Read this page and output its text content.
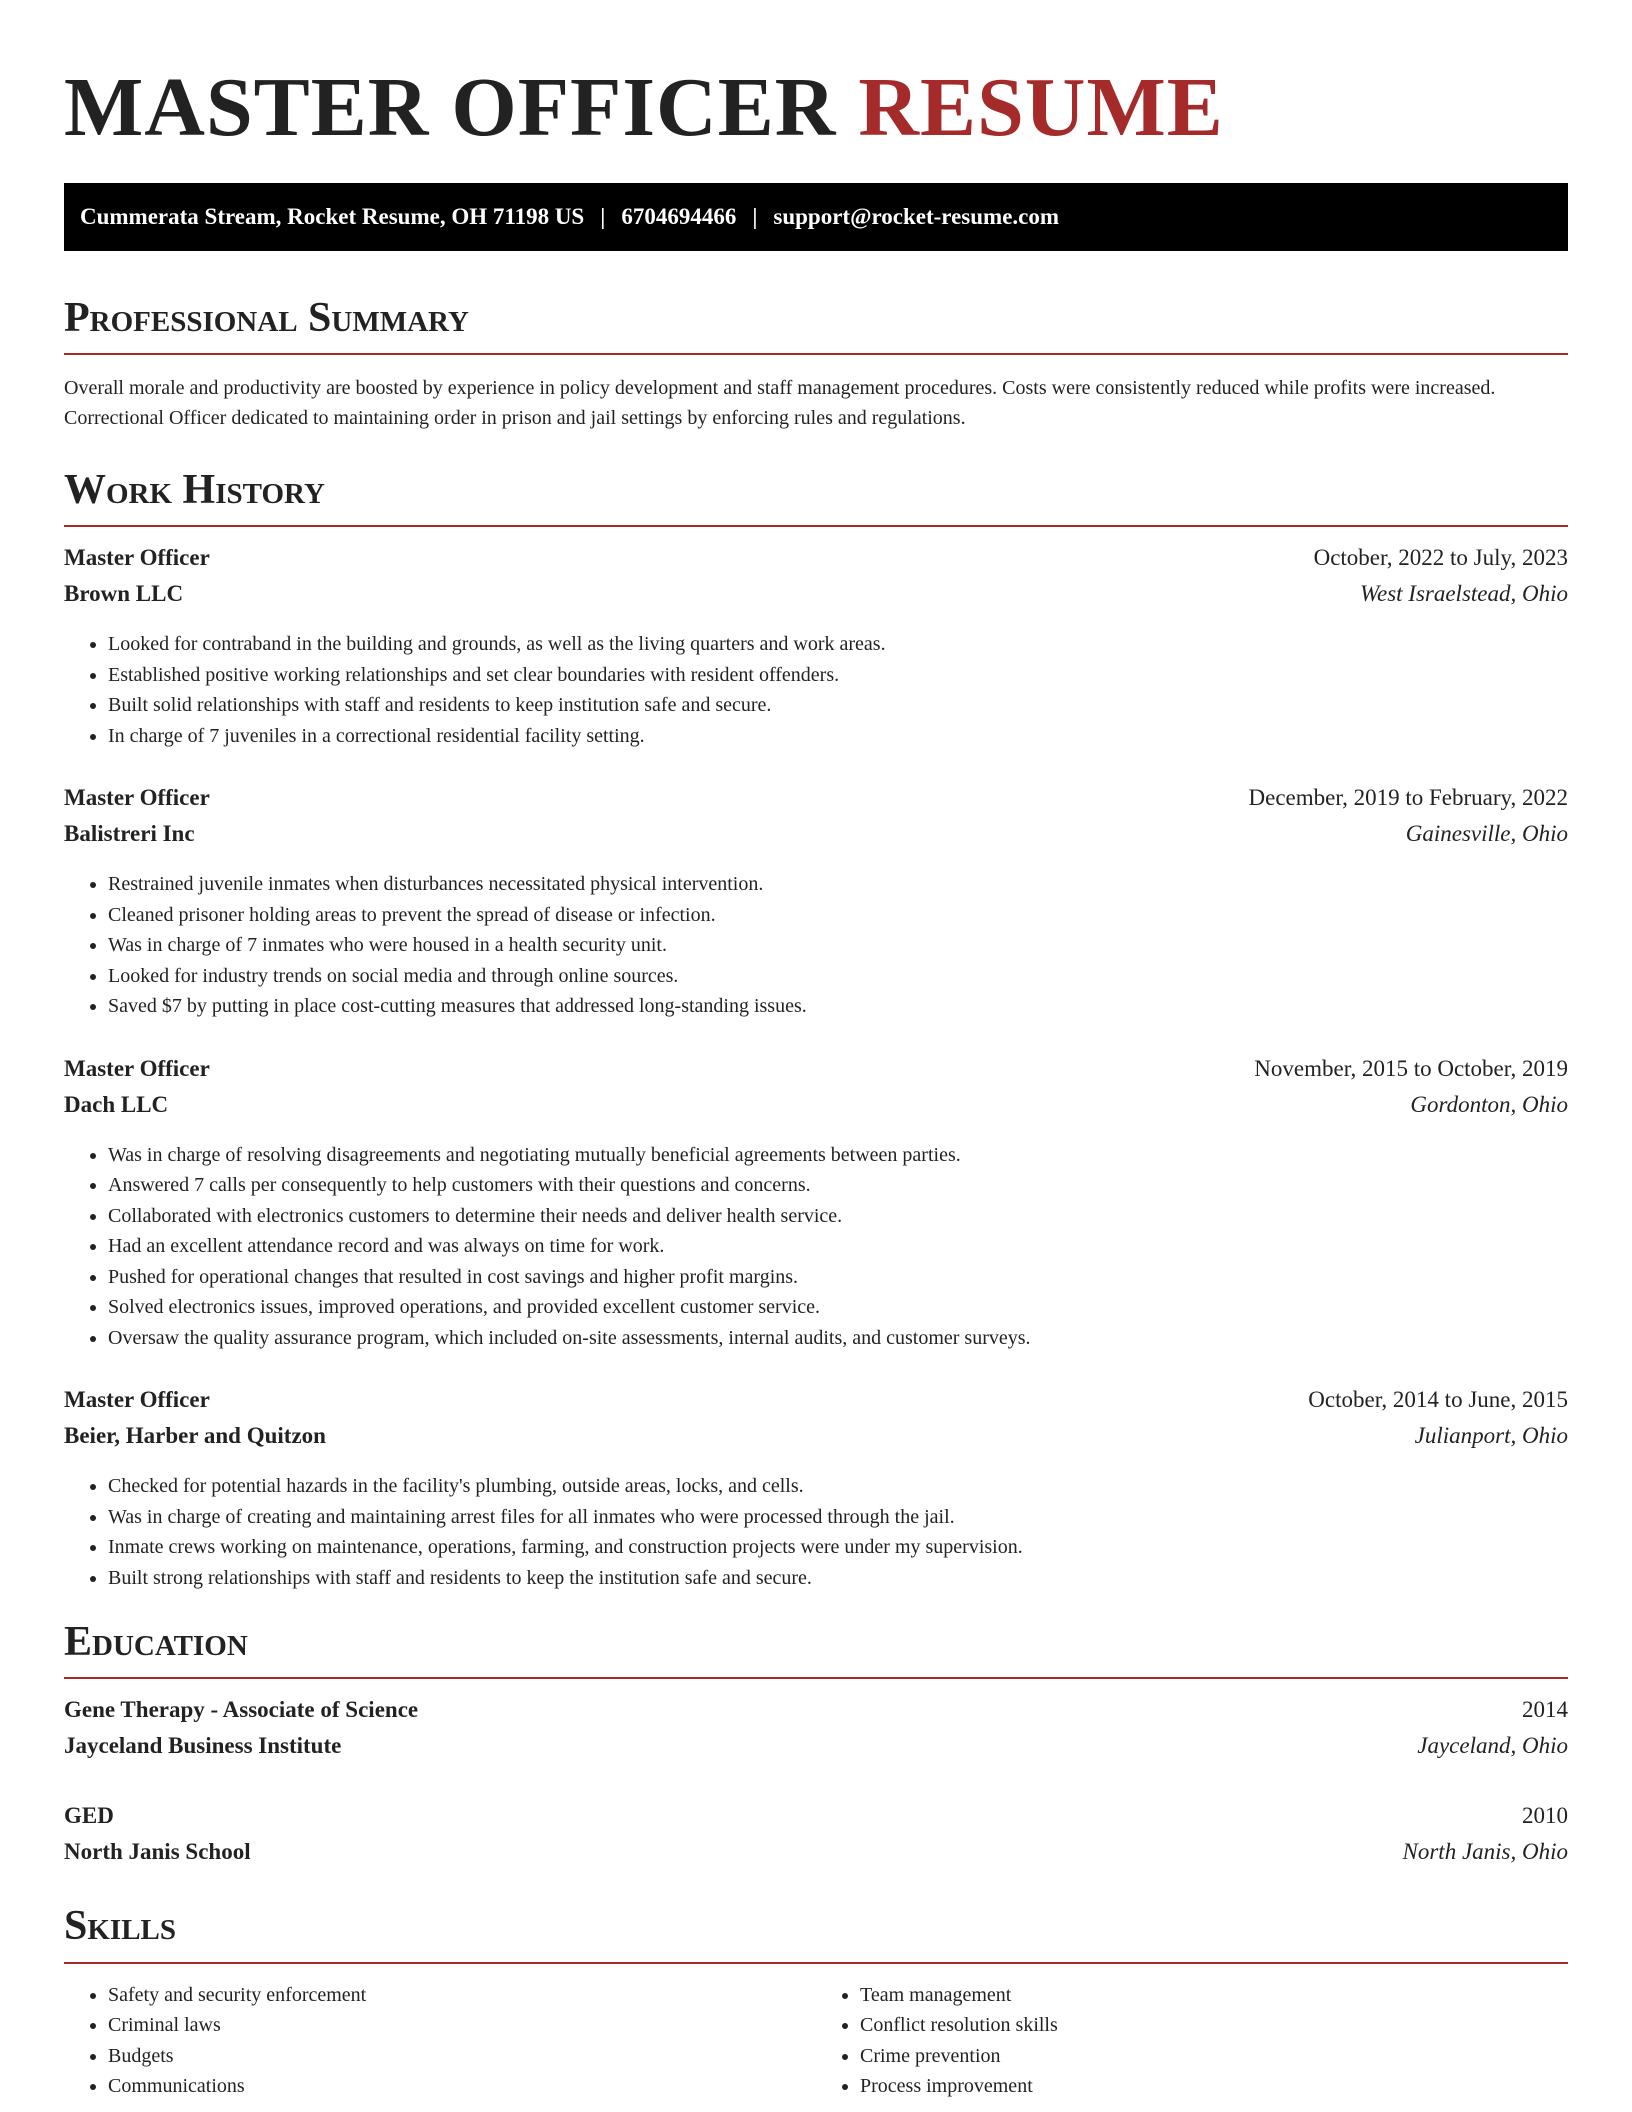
MASTER OFFICER RESUME
Cummerata Stream, Rocket Resume, OH 71198 US | 6704694466 | support@rocket-resume.com
Professional Summary

Overall morale and productivity are boosted by experience in policy development and staff management procedures. Costs were consistently reduced while profits were increased. Correctional Officer dedicated to maintaining order in prison and jail settings by enforcing rules and regulations.

Work History
Master Officer	October, 2022 to July, 2023
Brown LLC	West Israelstead, Ohio
• Looked for contraband in the building and grounds, as well as the living quarters and work areas.
• Established positive working relationships and set clear boundaries with resident offenders.
• Built solid relationships with staff and residents to keep institution safe and secure.
• In charge of 7 juveniles in a correctional residential facility setting.
Master Officer	December, 2019 to February, 2022
Balistreri Inc	Gainesville, Ohio
• Restrained juvenile inmates when disturbances necessitated physical intervention.
• Cleaned prisoner holding areas to prevent the spread of disease or infection.
• Was in charge of 7 inmates who were housed in a health security unit.
• Looked for industry trends on social media and through online sources.
• Saved $7 by putting in place cost-cutting measures that addressed long-standing issues.
Master Officer	November, 2015 to October, 2019
Dach LLC	Gordonton, Ohio
• Was in charge of resolving disagreements and negotiating mutually beneficial agreements between parties.
• Answered 7 calls per consequently to help customers with their questions and concerns.
• Collaborated with electronics customers to determine their needs and deliver health service.
• Had an excellent attendance record and was always on time for work.
• Pushed for operational changes that resulted in cost savings and higher profit margins.
• Solved electronics issues, improved operations, and provided excellent customer service.
• Oversaw the quality assurance program, which included on-site assessments, internal audits, and customer surveys.
Master Officer	October, 2014 to June, 2015
Beier, Harber and Quitzon	Julianport, Ohio
• Checked for potential hazards in the facility's plumbing, outside areas, locks, and cells.
• Was in charge of creating and maintaining arrest files for all inmates who were processed through the jail.
• Inmate crews working on maintenance, operations, farming, and construction projects were under my supervision.
• Built strong relationships with staff and residents to keep the institution safe and secure.
Education
Gene Therapy - Associate of Science	2014
Jayceland Business Institute	Jayceland, Ohio
GED	2010
North Janis School	North Janis, Ohio
Skills
• Safety and security enforcement
• Criminal laws
• Budgets
• Communications
• Team management
• Conflict resolution skills
• Crime prevention
• Process improvement
